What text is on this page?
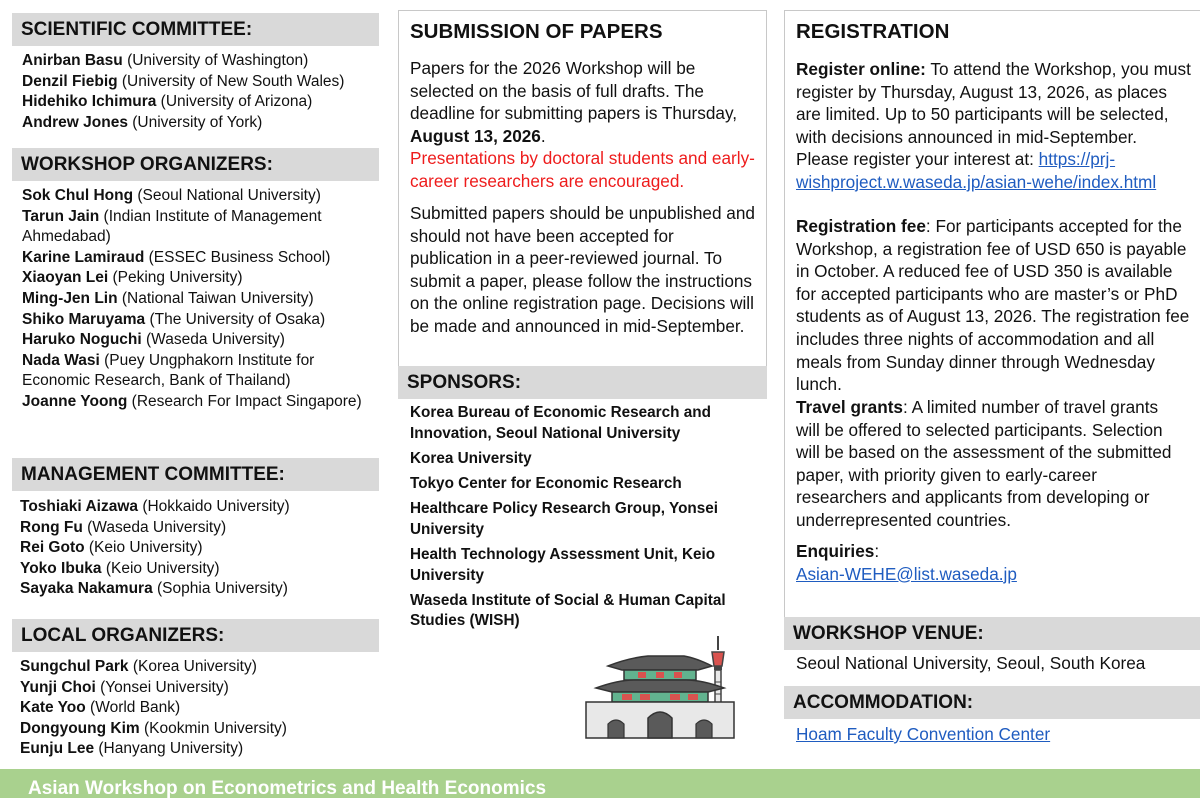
SCIENTIFIC COMMITTEE:
Anirban Basu (University of Washington)
Denzil Fiebig (University of New South Wales)
Hidehiko Ichimura (University of Arizona)
Andrew Jones (University of York)
WORKSHOP ORGANIZERS:
Sok Chul Hong (Seoul National University)
Tarun Jain (Indian Institute of Management Ahmedabad)
Karine Lamiraud (ESSEC Business School)
Xiaoyan Lei (Peking University)
Ming-Jen Lin (National Taiwan University)
Shiko Maruyama (The University of Osaka)
Haruko Noguchi (Waseda University)
Nada Wasi (Puey Ungphakorn Institute for Economic Research, Bank of Thailand)
Joanne Yoong (Research For Impact Singapore)
MANAGEMENT COMMITTEE:
Toshiaki Aizawa (Hokkaido University)
Rong Fu (Waseda University)
Rei Goto (Keio University)
Yoko Ibuka (Keio University)
Sayaka Nakamura (Sophia University)
LOCAL ORGANIZERS:
Sungchul Park (Korea University)
Yunji Choi (Yonsei University)
Kate Yoo (World Bank)
Dongyoung Kim (Kookmin University)
Eunju Lee (Hanyang University)
SUBMISSION OF PAPERS
Papers for the 2026 Workshop will be selected on the basis of full drafts. The deadline for submitting papers is Thursday, August 13, 2026.
Presentations by doctoral students and early-career researchers are encouraged.
Submitted papers should be unpublished and should not have been accepted for publication in a peer-reviewed journal. To submit a paper, please follow the instructions on the online registration page. Decisions will be made and announced in mid-September.
SPONSORS:
Korea Bureau of Economic Research and Innovation, Seoul National University
Korea University
Tokyo Center for Economic Research
Healthcare Policy Research Group, Yonsei University
Health Technology Assessment Unit, Keio University
Waseda Institute of Social & Human Capital Studies (WISH)
REGISTRATION
Register online: To attend the Workshop, you must register by Thursday, August 13, 2026, as places are limited. Up to 50 participants will be selected, with decisions announced in mid-September. Please register your interest at: https://prj-wishproject.w.waseda.jp/asian-wehe/index.html
Registration fee: For participants accepted for the Workshop, a registration fee of USD 650 is payable in October. A reduced fee of USD 350 is available for accepted participants who are master’s or PhD students as of August 13, 2026. The registration fee includes three nights of accommodation and all meals from Sunday dinner through Wednesday lunch.
Travel grants: A limited number of travel grants will be offered to selected participants. Selection will be based on the assessment of the submitted paper, with priority given to early-career researchers and applicants from developing or underrepresented countries.
Enquiries:
Asian-WEHE@list.waseda.jp
WORKSHOP VENUE:
Seoul National University, Seoul, South Korea
ACCOMMODATION:
Hoam Faculty Convention Center
Asian Workshop on Econometrics and Health Economics
